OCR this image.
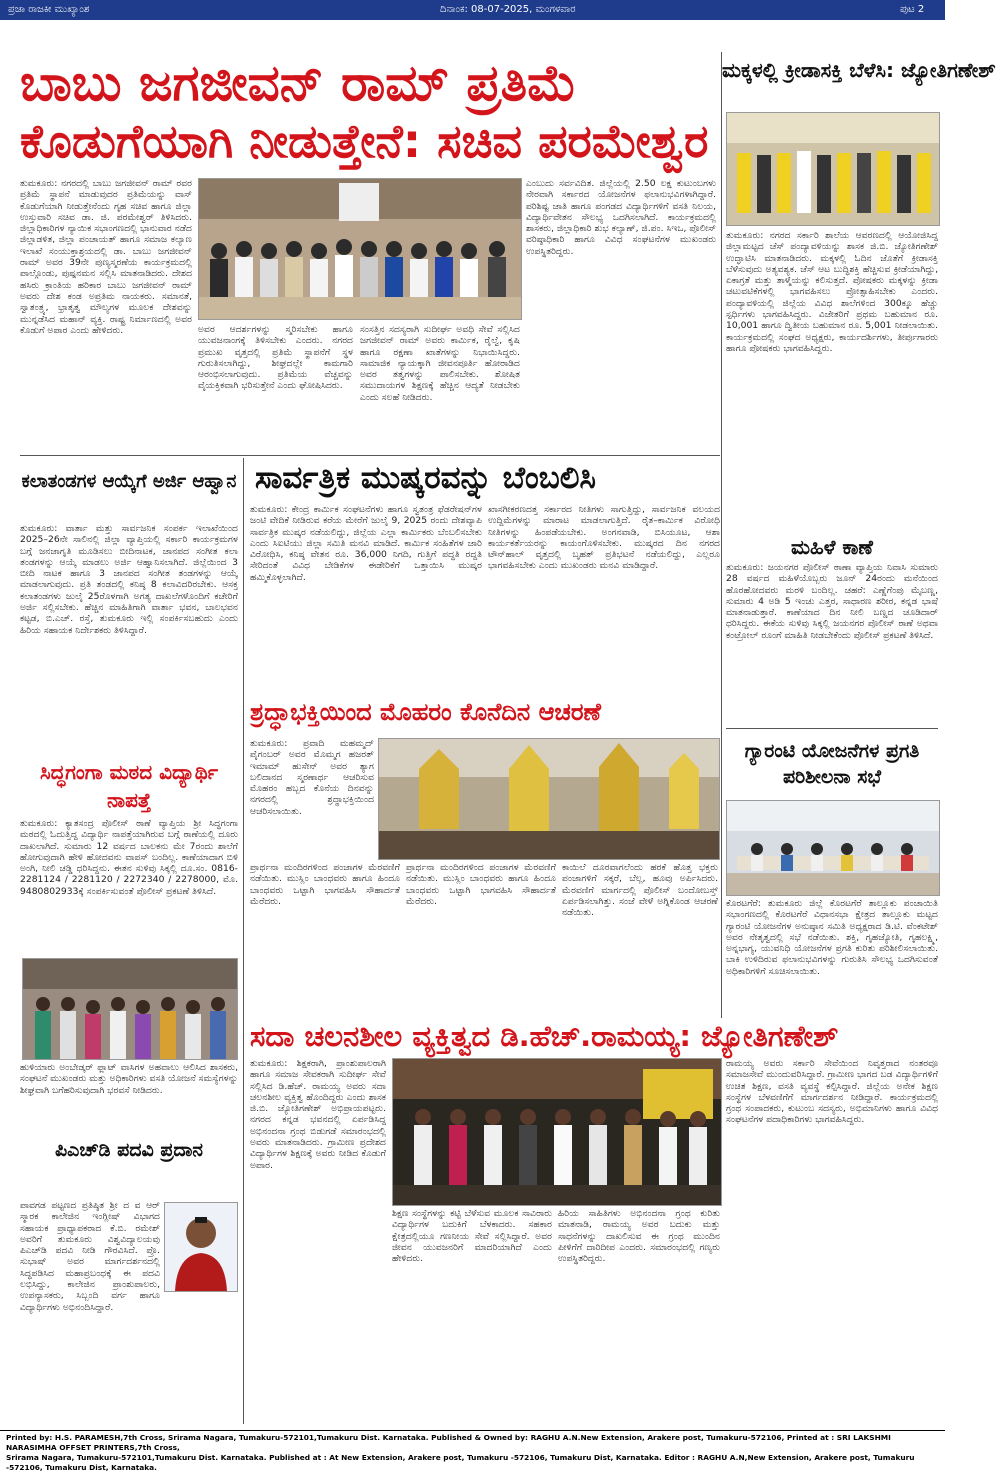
ಪ್ರಜಾ ರಾಜಕೀ ಮುಖ್ಯಾಂಶ	ದಿನಾಂಕ: 08-07-2025, ಮಂಗಳವಾರ	ಪುಟ 2
ಬಾಬು ಜಗಜೀವನ್ ರಾಮ್ ಪ್ರತಿಮೆ
ಕೊಡುಗೆಯಾಗಿ ನೀಡುತ್ತೇನೆ: ಸಚಿವ ಪರಮೇಶ್ವರ
ತುಮಕೂರು: ನಗರದಲ್ಲಿ ಬಾಬು ಜಗಜೀವನ್ ರಾಮ್ ರವರ ಪ್ರತಿಮೆ ಸ್ಥಾಪನೆ ಮಾಡುವುದರ ಪ್ರತಿಮೆಯನ್ನು ವಾಸ್ ಕೊಡುಗೆಯಾಗಿ ನೀಡುತ್ತೇನೆಂದು ಗೃಹ ಸಚಿವ ಹಾಗೂ ಜಿಲ್ಲಾ ಉಸ್ತುವಾರಿ ಸಚಿವ ಡಾ. ಜಿ. ಪರಮೇಶ್ವರ್ ತಿಳಿಸಿದರು. ಜಿಲ್ಲಾಧಿಕಾರಿಗಳ ನ್ಯಾಯಿಕ ಸಭಾಂಗಣದಲ್ಲಿ ಭಾನುವಾರ ನಡೆದ ಜಿಲ್ಲಾಡಳಿತ, ಜಿಲ್ಲಾ ಪಂಚಾಯತ್ ಹಾಗೂ ಸಮಾಜ ಕಲ್ಯಾಣ ಇಲಾಖೆ ಸಂಯುಕ್ತಾಶ್ರಯದಲ್ಲಿ ಡಾ. ಬಾಬು ಜಗಜೀವನ್ ರಾಮ್ ಅವರ 39ನೇ ಪುಣ್ಯಸ್ಮರಣೆಯ ಕಾರ್ಯಕ್ರಮದಲ್ಲಿ ಪಾಲ್ಗೊಂಡು, ಪುಷ್ಪನಮನ ಸಲ್ಲಿಸಿ ಮಾತನಾಡಿದರು. ದೇಶದ ಹಸಿರು ಕ್ರಾಂತಿಯ ಹರಿಕಾರ ಬಾಬು ಜಗಜೀವನ್ ರಾಮ್ ಅವರು ದೇಶ ಕಂಡ ಅಪ್ರತಿಮ ನಾಯಕರು. ಸಮಾನತೆ, ಸ್ವಾತಂತ್ರ್ಯ, ಭ್ರಾತೃತ್ವ ಮೌಲ್ಯಗಳ ಮೂಲಕ ದೇಶವನ್ನು ಮುನ್ನಡೆಸಿದ ಮಹಾನ್ ವ್ಯಕ್ತಿ. ರಾಷ್ಟ್ರ ನಿರ್ಮಾಣದಲ್ಲಿ ಅವರ ಕೊಡುಗೆ ಅಪಾರ ಎಂದು ಹೇಳಿದರು.	ಅವರ ಆದರ್ಶಗಳನ್ನು ಸ್ಮರಿಸಬೇಕು ಹಾಗೂ ಯುವಜನಾಂಗಕ್ಕೆ ತಿಳಿಸಬೇಕು ಎಂದರು. ನಗರದ ಪ್ರಮುಖ ವೃತ್ತದಲ್ಲಿ ಪ್ರತಿಮೆ ಸ್ಥಾಪನೆಗೆ ಸ್ಥಳ ಗುರುತಿಸಲಾಗಿದ್ದು, ಶೀಘ್ರದಲ್ಲೇ ಕಾಮಗಾರಿ ಆರಂಭಿಸಲಾಗುವುದು. ಪ್ರತಿಮೆಯ ವೆಚ್ಚವನ್ನು ವೈಯಕ್ತಿಕವಾಗಿ ಭರಿಸುತ್ತೇನೆ ಎಂದು ಘೋಷಿಸಿದರು.
ಸಂಸತ್ತಿನ ಸದಸ್ಯರಾಗಿ ಸುದೀರ್ಘ ಅವಧಿ ಸೇವೆ ಸಲ್ಲಿಸಿದ ಜಗಜೀವನ್ ರಾಮ್ ಅವರು ಕಾರ್ಮಿಕ, ರೈಲ್ವೆ, ಕೃಷಿ ಹಾಗೂ ರಕ್ಷಣಾ ಖಾತೆಗಳನ್ನು ನಿಭಾಯಿಸಿದ್ದರು. ಸಾಮಾಜಿಕ ನ್ಯಾಯಕ್ಕಾಗಿ ಜೀವನಪೂರ್ತಿ ಹೋರಾಡಿದ ಅವರ ತತ್ವಗಳನ್ನು ಪಾಲಿಸಬೇಕು. ಶೋಷಿತ ಸಮುದಾಯಗಳ ಶಿಕ್ಷಣಕ್ಕೆ ಹೆಚ್ಚಿನ ಆದ್ಯತೆ ನೀಡಬೇಕು ಎಂದು ಸಲಹೆ ನೀಡಿದರು.
ಎಂಬುದು ಸರ್ವವಿದಿತ. ಜಿಲ್ಲೆಯಲ್ಲಿ 2.50 ಲಕ್ಷ ಕುಟುಂಬಗಳು ನೇರವಾಗಿ ಸರ್ಕಾರದ ಯೋಜನೆಗಳ ಫಲಾನುಭವಿಗಳಾಗಿದ್ದಾರೆ. ಪರಿಶಿಷ್ಟ ಜಾತಿ ಹಾಗೂ ಪಂಗಡದ ವಿದ್ಯಾರ್ಥಿಗಳಿಗೆ ವಸತಿ ನಿಲಯ, ವಿದ್ಯಾರ್ಥಿವೇತನ ಸೌಲಭ್ಯ ಒದಗಿಸಲಾಗಿದೆ. ಕಾರ್ಯಕ್ರಮದಲ್ಲಿ ಶಾಸಕರು, ಜಿಲ್ಲಾಧಿಕಾರಿ ಶುಭ ಕಲ್ಯಾಣ್, ಜಿ.ಪಂ. ಸಿಇಒ, ಪೊಲೀಸ್ ವರಿಷ್ಠಾಧಿಕಾರಿ ಹಾಗೂ ವಿವಿಧ ಸಂಘಟನೆಗಳ ಮುಖಂಡರು ಉಪಸ್ಥಿತರಿದ್ದರು.
ಮಕ್ಕಳಲ್ಲಿ ಕ್ರೀಡಾಸಕ್ತಿ ಬೆಳೆಸಿ: ಜ್ಯೋತಿಗಣೇಶ್
ತುಮಕೂರು: ನಗರದ ಸರ್ಕಾರಿ ಶಾಲೆಯ ಆವರಣದಲ್ಲಿ ಆಯೋಜಿಸಿದ್ದ ಜಿಲ್ಲಾಮಟ್ಟದ ಚೆಸ್ ಪಂದ್ಯಾವಳಿಯನ್ನು ಶಾಸಕ ಜಿ.ಬಿ. ಜ್ಯೋತಿಗಣೇಶ್ ಉದ್ಘಾಟಿಸಿ ಮಾತನಾಡಿದರು. ಮಕ್ಕಳಲ್ಲಿ ಓದಿನ ಜೊತೆಗೆ ಕ್ರೀಡಾಸಕ್ತಿ ಬೆಳೆಸುವುದು ಅತ್ಯವಶ್ಯಕ. ಚೆಸ್ ಆಟ ಬುದ್ಧಿಶಕ್ತಿ ಹೆಚ್ಚಿಸುವ ಕ್ರೀಡೆಯಾಗಿದ್ದು, ಏಕಾಗ್ರತೆ ಮತ್ತು ತಾಳ್ಮೆಯನ್ನು ಕಲಿಸುತ್ತದೆ. ಪೋಷಕರು ಮಕ್ಕಳನ್ನು ಕ್ರೀಡಾ ಚಟುವಟಿಕೆಗಳಲ್ಲಿ ಭಾಗವಹಿಸಲು ಪ್ರೋತ್ಸಾಹಿಸಬೇಕು ಎಂದರು. ಪಂದ್ಯಾವಳಿಯಲ್ಲಿ ಜಿಲ್ಲೆಯ ವಿವಿಧ ಶಾಲೆಗಳಿಂದ 300ಕ್ಕೂ ಹೆಚ್ಚು ಸ್ಪರ್ಧಿಗಳು ಭಾಗವಹಿಸಿದ್ದರು. ವಿಜೇತರಿಗೆ ಪ್ರಥಮ ಬಹುಮಾನ ರೂ. 10,001 ಹಾಗೂ ದ್ವಿತೀಯ ಬಹುಮಾನ ರೂ. 5,001 ನೀಡಲಾಯಿತು. ಕಾರ್ಯಕ್ರಮದಲ್ಲಿ ಸಂಘದ ಅಧ್ಯಕ್ಷರು, ಕಾರ್ಯದರ್ಶಿಗಳು, ತೀರ್ಪುಗಾರರು ಹಾಗೂ ಪೋಷಕರು ಭಾಗವಹಿಸಿದ್ದರು.
ಕಲಾತಂಡಗಳ ಆಯ್ಕೆಗೆ ಅರ್ಜಿ ಆಹ್ವಾನ
ತುಮಕೂರು: ವಾರ್ತಾ ಮತ್ತು ಸಾರ್ವಜನಿಕ ಸಂಪರ್ಕ ಇಲಾಖೆಯಿಂದ 2025–26ನೇ ಸಾಲಿನಲ್ಲಿ ಜಿಲ್ಲಾ ವ್ಯಾಪ್ತಿಯಲ್ಲಿ ಸರ್ಕಾರಿ ಕಾರ್ಯಕ್ರಮಗಳ ಬಗ್ಗೆ ಜನಜಾಗೃತಿ ಮೂಡಿಸಲು ಬೀದಿನಾಟಕ, ಜಾನಪದ ಸಂಗೀತ ಕಲಾ ತಂಡಗಳನ್ನು ಆಯ್ಕೆ ಮಾಡಲು ಅರ್ಜಿ ಆಹ್ವಾನಿಸಲಾಗಿದೆ. ಜಿಲ್ಲೆಯಿಂದ 3 ಬೀದಿ ನಾಟಕ ಹಾಗೂ 3 ಜಾನಪದ ಸಂಗೀತ ತಂಡಗಳನ್ನು ಆಯ್ಕೆ ಮಾಡಲಾಗುವುದು. ಪ್ರತಿ ತಂಡದಲ್ಲಿ ಕನಿಷ್ಠ 8 ಕಲಾವಿದರಿರಬೇಕು. ಆಸಕ್ತ ಕಲಾತಂಡಗಳು ಜುಲೈ 25ರೊಳಗಾಗಿ ಅಗತ್ಯ ದಾಖಲೆಗಳೊಂದಿಗೆ ಕಚೇರಿಗೆ ಅರ್ಜಿ ಸಲ್ಲಿಸಬೇಕು. ಹೆಚ್ಚಿನ ಮಾಹಿತಿಗಾಗಿ ವಾರ್ತಾ ಭವನ, ಬಾಲಭವನ ಕಟ್ಟಡ, ಬಿ.ಎಚ್. ರಸ್ತೆ, ತುಮಕೂರು ಇಲ್ಲಿ ಸಂಪರ್ಕಿಸಬಹುದು ಎಂದು ಹಿರಿಯ ಸಹಾಯಕ ನಿರ್ದೇಶಕರು ತಿಳಿಸಿದ್ದಾರೆ.
ಸಾರ್ವತ್ರಿಕ ಮುಷ್ಕರವನ್ನು ಬೆಂಬಲಿಸಿ
ತುಮಕೂರು: ಕೇಂದ್ರ ಕಾರ್ಮಿಕ ಸಂಘಟನೆಗಳು ಹಾಗೂ ಸ್ವತಂತ್ರ ಫೆಡರೇಷನ್‌ಗಳ ಜಂಟಿ ವೇದಿಕೆ ನೀಡಿರುವ ಕರೆಯ ಮೇರೆಗೆ ಜುಲೈ 9, 2025 ರಂದು ದೇಶವ್ಯಾಪಿ ಸಾರ್ವತ್ರಿಕ ಮುಷ್ಕರ ನಡೆಯಲಿದ್ದು, ಜಿಲ್ಲೆಯ ಎಲ್ಲಾ ಕಾರ್ಮಿಕರು ಬೆಂಬಲಿಸಬೇಕು ಎಂದು ಸಿಐಟಿಯು ಜಿಲ್ಲಾ ಸಮಿತಿ ಮನವಿ ಮಾಡಿದೆ. ಕಾರ್ಮಿಕ ಸಂಹಿತೆಗಳ ಜಾರಿ ವಿರೋಧಿಸಿ, ಕನಿಷ್ಠ ವೇತನ ರೂ. 36,000 ನಿಗದಿ, ಗುತ್ತಿಗೆ ಪದ್ಧತಿ ರದ್ದತಿ ಸೇರಿದಂತೆ ವಿವಿಧ ಬೇಡಿಕೆಗಳ ಈಡೇರಿಕೆಗೆ ಒತ್ತಾಯಿಸಿ ಮುಷ್ಕರ ಹಮ್ಮಿಕೊಳ್ಳಲಾಗಿದೆ.
ಖಾಸಗೀಕರಣದತ್ತ ಸರ್ಕಾರದ ನೀತಿಗಳು ಸಾಗುತ್ತಿದ್ದು, ಸಾರ್ವಜನಿಕ ವಲಯದ ಉದ್ದಿಮೆಗಳನ್ನು ಮಾರಾಟ ಮಾಡಲಾಗುತ್ತಿದೆ. ರೈತ–ಕಾರ್ಮಿಕ ವಿರೋಧಿ ನೀತಿಗಳನ್ನು ಹಿಂಪಡೆಯಬೇಕು. ಅಂಗನವಾಡಿ, ಬಿಸಿಯೂಟ, ಆಶಾ ಕಾರ್ಯಕರ್ತೆಯರನ್ನು ಕಾಯಂಗೊಳಿಸಬೇಕು. ಮುಷ್ಕರದ ದಿನ ನಗರದ ಟೌನ್‌ಹಾಲ್ ವೃತ್ತದಲ್ಲಿ ಬೃಹತ್ ಪ್ರತಿಭಟನೆ ನಡೆಯಲಿದ್ದು, ಎಲ್ಲರೂ ಭಾಗವಹಿಸಬೇಕು ಎಂದು ಮುಖಂಡರು ಮನವಿ ಮಾಡಿದ್ದಾರೆ.
ಮಹಿಳೆ ಕಾಣೆ
ತುಮಕೂರು: ಜಯನಗರ ಪೊಲೀಸ್ ಠಾಣಾ ವ್ಯಾಪ್ತಿಯ ನಿವಾಸಿ ಸುಮಾರು 28 ವರ್ಷದ ಮಹಿಳೆಯೊಬ್ಬರು ಜೂನ್ 24ರಂದು ಮನೆಯಿಂದ ಹೊರಹೋದವರು ಮರಳಿ ಬಂದಿಲ್ಲ. ಚಹರೆ: ಎಣ್ಣೆಗೆಂಪು ಮೈಬಣ್ಣ, ಸುಮಾರು 4 ಅಡಿ 5 ಇಂಚು ಎತ್ತರ, ಸಾಧಾರಣ ಶರೀರ, ಕನ್ನಡ ಭಾಷೆ ಮಾತನಾಡುತ್ತಾರೆ. ಕಾಣೆಯಾದ ದಿನ ನೀಲಿ ಬಣ್ಣದ ಚೂಡಿದಾರ್ ಧರಿಸಿದ್ದರು. ಈಕೆಯ ಸುಳಿವು ಸಿಕ್ಕಲ್ಲಿ ಜಯನಗರ ಪೊಲೀಸ್ ಠಾಣೆ ಅಥವಾ ಕಂಟ್ರೋಲ್ ರೂಂಗೆ ಮಾಹಿತಿ ನೀಡಬೇಕೆಂದು ಪೊಲೀಸ್ ಪ್ರಕಟಣೆ ತಿಳಿಸಿದೆ.
ಸಿದ್ಧಗಂಗಾ ಮಠದ ವಿದ್ಯಾರ್ಥಿ ನಾಪತ್ತೆ
ತುಮಕೂರು: ಕ್ಯಾತಸಂದ್ರ ಪೊಲೀಸ್ ಠಾಣೆ ವ್ಯಾಪ್ತಿಯ ಶ್ರೀ ಸಿದ್ಧಗಂಗಾ ಮಠದಲ್ಲಿ ಓದುತ್ತಿದ್ದ ವಿದ್ಯಾರ್ಥಿ ನಾಪತ್ತೆಯಾಗಿರುವ ಬಗ್ಗೆ ಠಾಣೆಯಲ್ಲಿ ದೂರು ದಾಖಲಾಗಿದೆ. ಸುಮಾರು 12 ವರ್ಷದ ಬಾಲಕನು ಮೇ 7ರಂದು ಶಾಲೆಗೆ ಹೋಗುವುದಾಗಿ ಹೇಳಿ ಹೋದವನು ವಾಪಸ್ ಬಂದಿಲ್ಲ. ಕಾಣೆಯಾದಾಗ ಬಿಳಿ ಅಂಗಿ, ನೀಲಿ ಚಡ್ಡಿ ಧರಿಸಿದ್ದನು. ಈತನ ಸುಳಿವು ಸಿಕ್ಕಲ್ಲಿ ದೂ.ಸಂ. 0816-2281124 / 2281120 / 2272340 / 2278000, ಮೊ. 9480802933ಕ್ಕೆ ಸಂಪರ್ಕಿಸುವಂತೆ ಪೊಲೀಸ್ ಪ್ರಕಟಣೆ ತಿಳಿಸಿದೆ.
ಹುಳಿಯಾರು ಅಂಬೇಡ್ಕರ್ ಫ್ಲಾಟ್ ವಾಸಿಗಳ ಅಹವಾಲು ಆಲಿಸಿದ ಶಾಸಕರು, ಸಂಘಟನೆ ಮುಖಂಡರು ಮತ್ತು ಅಧಿಕಾರಿಗಳು ವಸತಿ ಯೋಜನೆ ಸಮಸ್ಯೆಗಳನ್ನು ಶೀಘ್ರವಾಗಿ ಬಗೆಹರಿಸುವುದಾಗಿ ಭರವಸೆ ನೀಡಿದರು.
ಪಿಎಚ್‌ಡಿ ಪದವಿ ಪ್ರದಾನ
ಪಾವಗಡ ಪಟ್ಟಣದ ಪ್ರತಿಷ್ಠಿತ ಶ್ರೀ ದ ವ ಆರ್ ಸ್ಮಾರಕ ಕಾಲೇಜಿನ ಇಂಗ್ಲೀಷ್ ವಿಭಾಗದ ಸಹಾಯಕ ಪ್ರಾಧ್ಯಾಪಕರಾದ ಕೆ.ಬಿ. ರಮೇಶ್ ಅವರಿಗೆ ತುಮಕೂರು ವಿಶ್ವವಿದ್ಯಾಲಯವು ಪಿಎಚ್‌ಡಿ ಪದವಿ ನೀಡಿ ಗೌರವಿಸಿದೆ. ಪ್ರೊ. ಸುಭಾಷ್ ಅವರ ಮಾರ್ಗದರ್ಶನದಲ್ಲಿ ಸಿದ್ಧಪಡಿಸಿದ ಮಹಾಪ್ರಬಂಧಕ್ಕೆ ಈ ಪದವಿ ಲಭಿಸಿದ್ದು, ಕಾಲೇಜಿನ ಪ್ರಾಂಶುಪಾಲರು, ಉಪನ್ಯಾಸಕರು, ಸಿಬ್ಬಂದಿ ವರ್ಗ ಹಾಗೂ ವಿದ್ಯಾರ್ಥಿಗಳು ಅಭಿನಂದಿಸಿದ್ದಾರೆ.
ಶ್ರದ್ಧಾಭಕ್ತಿಯಿಂದ ಮೊಹರಂ ಕೊನೆದಿನ ಆಚರಣೆ
ತುಮಕೂರು: ಪ್ರವಾದಿ ಮಹಮ್ಮದ್ ಪೈಗಂಬರ್ ಅವರ ಮೊಮ್ಮಗ ಹಜರತ್ ಇಮಾಮ್ ಹುಸೇನ್ ಅವರ ತ್ಯಾಗ ಬಲಿದಾನದ ಸ್ಮರಣಾರ್ಥ ಆಚರಿಸುವ ಮೊಹರಂ ಹಬ್ಬದ ಕೊನೆಯ ದಿನವನ್ನು ನಗರದಲ್ಲಿ ಶ್ರದ್ಧಾಭಕ್ತಿಯಿಂದ ಆಚರಿಸಲಾಯಿತು.
ಪ್ರಾರ್ಥನಾ ಮಂದಿರಗಳಿಂದ ಪಂಜಾಗಳ ಮೆರವಣಿಗೆ ನಡೆಯಿತು. ಮುಸ್ಲಿಂ ಬಾಂಧವರು ಹಾಗೂ ಹಿಂದೂ ಬಾಂಧವರು ಒಟ್ಟಾಗಿ ಭಾಗವಹಿಸಿ ಸೌಹಾರ್ದತೆ ಮೆರೆದರು.
ಪ್ರಾರ್ಥನಾ ಮಂದಿರಗಳಿಂದ ಪಂಜಾಗಳ ಮೆರವಣಿಗೆ ನಡೆಯಿತು. ಮುಸ್ಲಿಂ ಬಾಂಧವರು ಹಾಗೂ ಹಿಂದೂ ಬಾಂಧವರು ಒಟ್ಟಾಗಿ ಭಾಗವಹಿಸಿ ಸೌಹಾರ್ದತೆ ಮೆರೆದರು.
ಕಾಯಿಲೆ ದೂರವಾಗಲೆಂದು ಹರಕೆ ಹೊತ್ತ ಭಕ್ತರು ಪಂಜಾಗಳಿಗೆ ಸಕ್ಕರೆ, ಬೆಲ್ಲ, ಹೂವು ಅರ್ಪಿಸಿದರು. ಮೆರವಣಿಗೆ ಮಾರ್ಗದಲ್ಲಿ ಪೊಲೀಸ್ ಬಂದೋಬಸ್ತ್ ಏರ್ಪಡಿಸಲಾಗಿತ್ತು. ಸಂಜೆ ವೇಳೆ ಅಗ್ನಿಕೊಂಡ ಆಚರಣೆ ನಡೆಯಿತು.
ಗ್ಯಾರಂಟಿ ಯೋಜನೆಗಳ ಪ್ರಗತಿ ಪರಿಶೀಲನಾ ಸಭೆ
ಕೊರಟಗೆರೆ: ತುಮಕೂರು ಜಿಲ್ಲೆ ಕೊರಟಗೆರೆ ತಾಲ್ಲೂಕು ಪಂಚಾಯಿತಿ ಸಭಾಂಗಣದಲ್ಲಿ ಕೊರಟಗೆರೆ ವಿಧಾನಸಭಾ ಕ್ಷೇತ್ರದ ತಾಲ್ಲೂಕು ಮಟ್ಟದ ಗ್ಯಾರಂಟಿ ಯೋಜನೆಗಳ ಅನುಷ್ಠಾನ ಸಮಿತಿ ಅಧ್ಯಕ್ಷರಾದ ಡಿ.ಟಿ. ವೆಂಕಟೇಶ್ ಅವರ ನೇತೃತ್ವದಲ್ಲಿ ಸಭೆ ನಡೆಯಿತು. ಶಕ್ತಿ, ಗೃಹಜ್ಯೋತಿ, ಗೃಹಲಕ್ಷ್ಮಿ, ಅನ್ನಭಾಗ್ಯ, ಯುವನಿಧಿ ಯೋಜನೆಗಳ ಪ್ರಗತಿ ಕುರಿತು ಪರಿಶೀಲಿಸಲಾಯಿತು. ಬಾಕಿ ಉಳಿದಿರುವ ಫಲಾನುಭವಿಗಳನ್ನು ಗುರುತಿಸಿ ಸೌಲಭ್ಯ ಒದಗಿಸುವಂತೆ ಅಧಿಕಾರಿಗಳಿಗೆ ಸೂಚಿಸಲಾಯಿತು.
ಸದಾ ಚಲನಶೀಲ ವ್ಯಕ್ತಿತ್ವದ ಡಿ.ಹೆಚ್.ರಾಮಯ್ಯ: ಜ್ಯೋತಿಗಣೇಶ್
ತುಮಕೂರು: ಶಿಕ್ಷಕರಾಗಿ, ಪ್ರಾಂಶುಪಾಲರಾಗಿ ಹಾಗೂ ಸಮಾಜ ಸೇವಕರಾಗಿ ಸುದೀರ್ಘ ಸೇವೆ ಸಲ್ಲಿಸಿದ ಡಿ.ಹೆಚ್. ರಾಮಯ್ಯ ಅವರು ಸದಾ ಚಲನಶೀಲ ವ್ಯಕ್ತಿತ್ವ ಹೊಂದಿದ್ದರು ಎಂದು ಶಾಸಕ ಜಿ.ಬಿ. ಜ್ಯೋತಿಗಣೇಶ್ ಅಭಿಪ್ರಾಯಪಟ್ಟರು. ನಗರದ ಕನ್ನಡ ಭವನದಲ್ಲಿ ಏರ್ಪಡಿಸಿದ್ದ ಅಭಿನಂದನಾ ಗ್ರಂಥ ಬಿಡುಗಡೆ ಸಮಾರಂಭದಲ್ಲಿ ಅವರು ಮಾತನಾಡಿದರು. ಗ್ರಾಮೀಣ ಪ್ರದೇಶದ ವಿದ್ಯಾರ್ಥಿಗಳ ಶಿಕ್ಷಣಕ್ಕೆ ಅವರು ನೀಡಿದ ಕೊಡುಗೆ ಅಪಾರ.
ಶಿಕ್ಷಣ ಸಂಸ್ಥೆಗಳನ್ನು ಕಟ್ಟಿ ಬೆಳೆಸುವ ಮೂಲಕ ಸಾವಿರಾರು ವಿದ್ಯಾರ್ಥಿಗಳ ಬದುಕಿಗೆ ಬೆಳಕಾದರು. ಸಹಕಾರ ಕ್ಷೇತ್ರದಲ್ಲಿಯೂ ಗಣನೀಯ ಸೇವೆ ಸಲ್ಲಿಸಿದ್ದಾರೆ. ಅವರ ಜೀವನ ಯುವಜನರಿಗೆ ಮಾದರಿಯಾಗಿದೆ ಎಂದು ಹೇಳಿದರು.
ಹಿರಿಯ ಸಾಹಿತಿಗಳು ಅಭಿನಂದನಾ ಗ್ರಂಥ ಕುರಿತು ಮಾತನಾಡಿ, ರಾಮಯ್ಯ ಅವರ ಬದುಕು ಮತ್ತು ಸಾಧನೆಗಳನ್ನು ದಾಖಲಿಸುವ ಈ ಗ್ರಂಥ ಮುಂದಿನ ಪೀಳಿಗೆಗೆ ದಾರಿದೀಪ ಎಂದರು. ಸಮಾರಂಭದಲ್ಲಿ ಗಣ್ಯರು ಉಪಸ್ಥಿತರಿದ್ದರು.
ರಾಮಯ್ಯ ಅವರು ಸರ್ಕಾರಿ ಸೇವೆಯಿಂದ ನಿವೃತ್ತರಾದ ನಂತರವೂ ಸಮಾಜಸೇವೆ ಮುಂದುವರಿಸಿದ್ದಾರೆ. ಗ್ರಾಮೀಣ ಭಾಗದ ಬಡ ವಿದ್ಯಾರ್ಥಿಗಳಿಗೆ ಉಚಿತ ಶಿಕ್ಷಣ, ವಸತಿ ವ್ಯವಸ್ಥೆ ಕಲ್ಪಿಸಿದ್ದಾರೆ. ಜಿಲ್ಲೆಯ ಅನೇಕ ಶಿಕ್ಷಣ ಸಂಸ್ಥೆಗಳ ಬೆಳವಣಿಗೆಗೆ ಮಾರ್ಗದರ್ಶನ ನೀಡಿದ್ದಾರೆ. ಕಾರ್ಯಕ್ರಮದಲ್ಲಿ ಗ್ರಂಥ ಸಂಪಾದಕರು, ಕುಟುಂಬ ಸದಸ್ಯರು, ಅಭಿಮಾನಿಗಳು ಹಾಗೂ ವಿವಿಧ ಸಂಘಟನೆಗಳ ಪದಾಧಿಕಾರಿಗಳು ಭಾಗವಹಿಸಿದ್ದರು.
Printed by: H.S. PARAMESH,7th Cross, Srirama Nagara, Tumakuru-572101,Tumakuru Dist. Karnataka. Published & Owned by: RAGHU A.N.New Extension, Arakere post, Tumakuru-572106, Printed at : SRI LAKSHMI NARASIMHA OFFSET PRINTERS,7th Cross,
Srirama Nagara, Tumakuru-572101,Tumakuru Dist. Karnataka. Published at : At New Extension, Arakere post, Tumakuru -572106, Tumakuru Dist, Karnataka. Editor : RAGHU A.N,New Extension, Arakere post, Tumakuru -572106, Tumakuru Dist, Karnataka.
